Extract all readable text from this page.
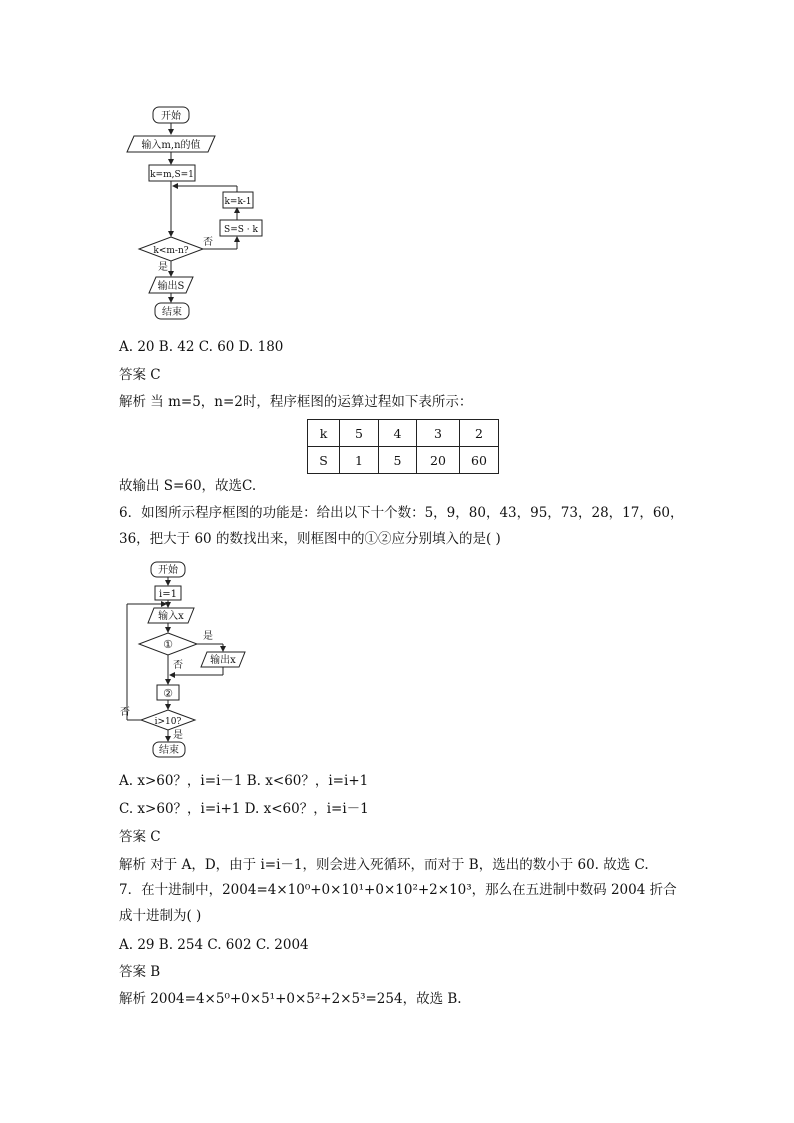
开始
输入m,n的值
k=m,S=1
k<m-n?
否
S=S · k
k=k-1
是
输出S
结束
A. 20 B. 42 C. 60 D. 180
答案 C
解析 当 m=5，n=2时，程序框图的运算过程如下表所示：
k	5	4	3	2
S	1	5	20	60
故输出 S=60，故选C.
6．如图所示程序框图的功能是：给出以下十个数：5，9，80，43，95，73，28，17，60，
36，把大于 60 的数找出来，则框图中的①②应分别填入的是( )
开始
i=1
输入x
①
是
输出x
否
②
i>10?
否
是
结束
A. x>60？，i=i－1 B. x<60？，i=i+1
C. x>60？，i=i+1 D. x<60？，i=i－1
答案 C
解析 对于 A，D，由于 i=i－1，则会进入死循环，而对于 B，选出的数小于 60. 故选 C.
7．在十进制中，2004=4×10⁰+0×10¹+0×10²+2×10³，那么在五进制中数码 2004 折合
成十进制为( )
A. 29 B. 254 C. 602 C. 2004
答案 B
解析 2004=4×5⁰+0×5¹+0×5²+2×5³=254，故选 B.
